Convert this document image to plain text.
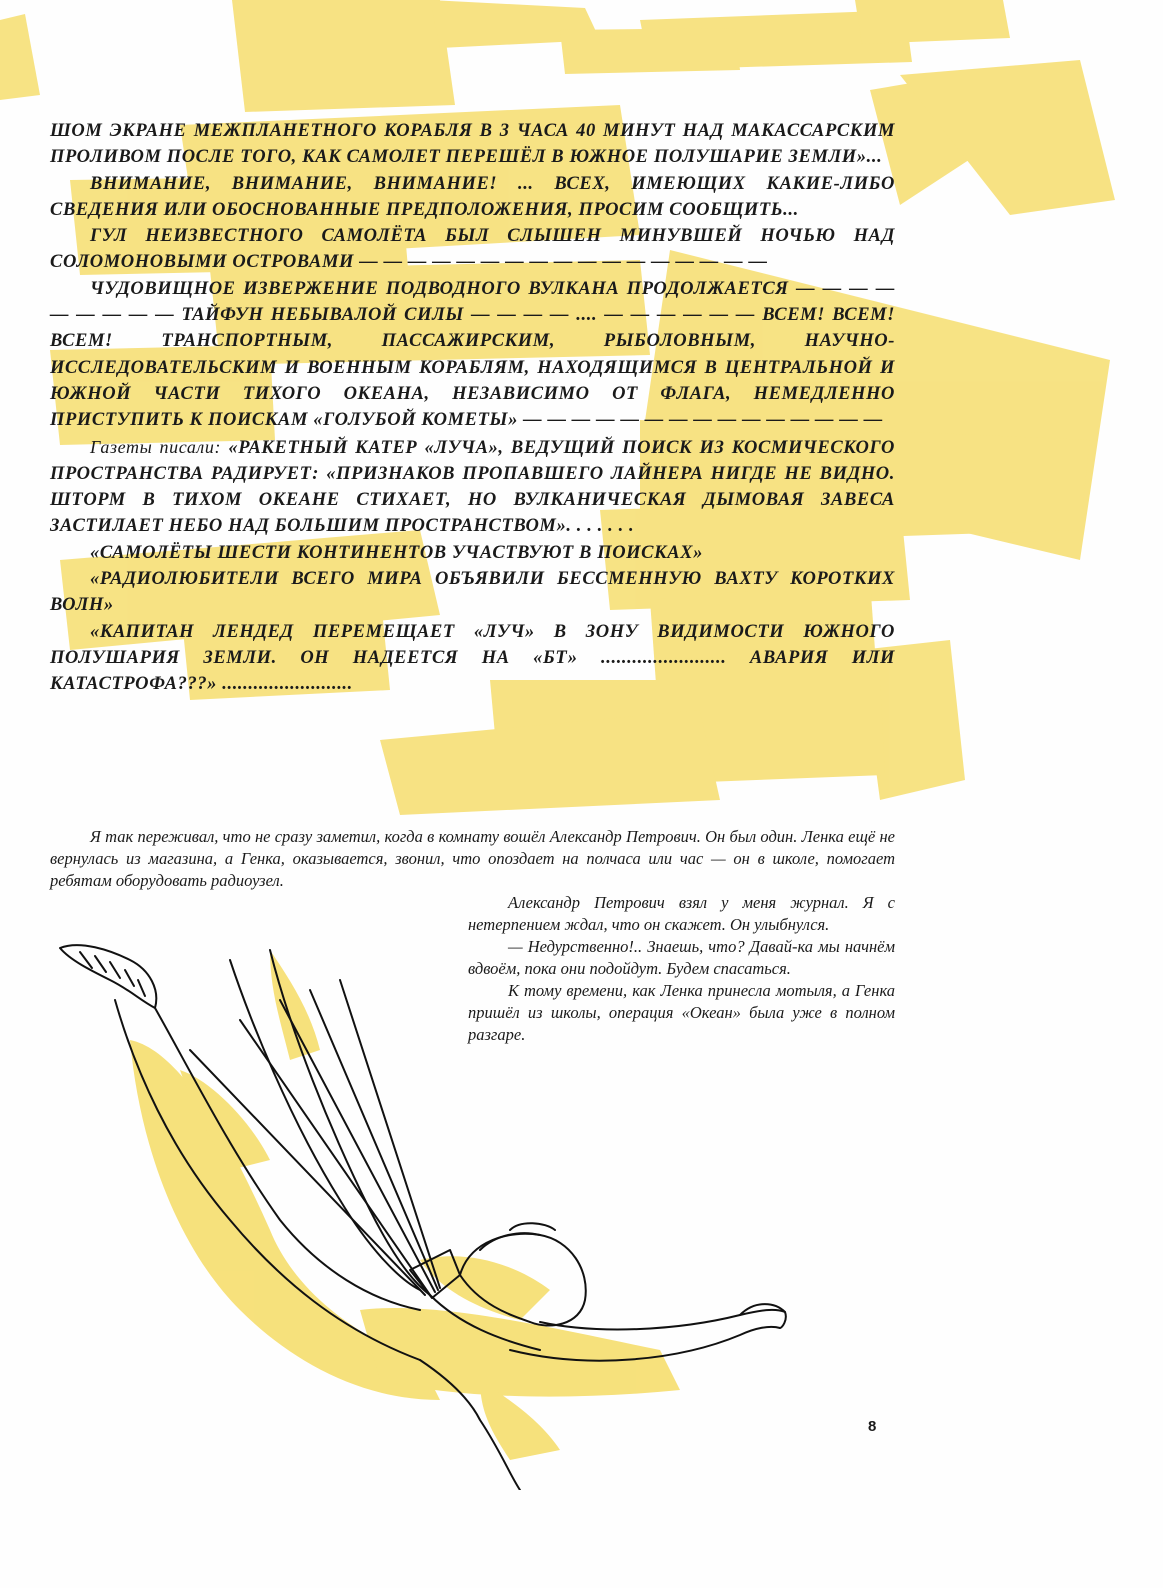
ШОМ ЭКРАНЕ МЕЖПЛАНЕТНОГО КОРАБЛЯ В 3 ЧАСА 40 МИНУТ НАД МАКАССАРСКИМ ПРОЛИВОМ ПОСЛЕ ТОГО, КАК САМОЛЕТ ПЕРЕШЁЛ В ЮЖНОЕ ПОЛУШАРИЕ ЗЕМЛИ»...

ВНИМАНИЕ, ВНИМАНИЕ, ВНИМАНИЕ! ... ВСЕХ, ИМЕЮЩИХ КАКИЕ-ЛИБО СВЕДЕНИЯ ИЛИ ОБОСНОВАННЫЕ ПРЕДПОЛОЖЕНИЯ, ПРОСИМ СООБЩИТЬ...

ГУЛ НЕИЗВЕСТНОГО САМОЛЁТА БЫЛ СЛЫШЕН МИНУВШЕЙ НОЧЬЮ НАД СОЛОМОНОВЫМИ ОСТРОВАМИ — — — — — — — — — — — — — — — — —

ЧУДОВИЩНОЕ ИЗВЕРЖЕНИЕ ПОДВОДНОГО ВУЛКАНА ПРОДОЛЖАЕТСЯ — — — — — — — — — ТАЙФУН НЕБЫВАЛОЙ СИЛЫ — — — — .... — — — — — — ВСЕМ! ВСЕМ! ВСЕМ! ТРАНСПОРТНЫМ, ПАССАЖИРСКИМ, РЫБОЛОВНЫМ, НАУЧНО-ИССЛЕДОВАТЕЛЬСКИМ И ВОЕННЫМ КОРАБЛЯМ, НАХОДЯЩИМСЯ В ЦЕНТРАЛЬНОЙ И ЮЖНОЙ ЧАСТИ ТИХОГО ОКЕАНА, НЕЗАВИСИМО ОТ ФЛАГА, НЕМЕДЛЕННО ПРИСТУПИТЬ К ПОИСКАМ «ГОЛУБОЙ КОМЕТЫ» — — — — — — — — — — — — — — —

Газеты писали: «РАКЕТНЫЙ КАТЕР «ЛУЧА», ВЕДУЩИЙ ПОИСК ИЗ КОСМИЧЕСКОГО ПРОСТРАНСТВА РАДИРУЕТ: «ПРИЗНАКОВ ПРОПАВШЕГО ЛАЙНЕРА НИГДЕ НЕ ВИДНО. ШТОРМ В ТИХОМ ОКЕАНЕ СТИХАЕТ, НО ВУЛКАНИЧЕСКАЯ ДЫМОВАЯ ЗАВЕСА ЗАСТИЛАЕТ НЕБО НАД БОЛЬШИМ ПРОСТРАНСТВОМ». . . . . . .

«САМОЛЁТЫ ШЕСТИ КОНТИНЕНТОВ УЧАСТВУЮТ В ПОИСКАХ»

«РАДИОЛЮБИТЕЛИ ВСЕГО МИРА ОБЪЯВИЛИ БЕССМЕННУЮ ВАХТУ КОРОТКИХ ВОЛН»

«КАПИТАН ЛЕНДЕД ПЕРЕМЕЩАЕТ «ЛУЧ» В ЗОНУ ВИДИМОСТИ ЮЖНОГО ПОЛУШАРИЯ ЗЕМЛИ. ОН НАДЕЕТСЯ НА «БТ» ........................ АВАРИЯ ИЛИ КАТАСТРОФА???» .........................

Я так переживал, что не сразу заметил, когда в комнату вошёл Александр Петрович. Он был один. Ленка ещё не вернулась из магазина, а Генка, оказывается, звонил, что опоздает на полчаса или час — он в школе, помогает ребятам оборудовать радиоузел.

Александр Петрович взял у меня журнал. Я с нетерпением ждал, что он скажет. Он улыбнулся.

— Недурственно!.. Знаешь, что? Давай-ка мы начнём вдвоём, пока они подойдут. Будем спасаться.

К тому времени, как Ленка принесла мотыля, а Генка пришёл из школы, операция «Океан» была уже в полном разгаре.

8
